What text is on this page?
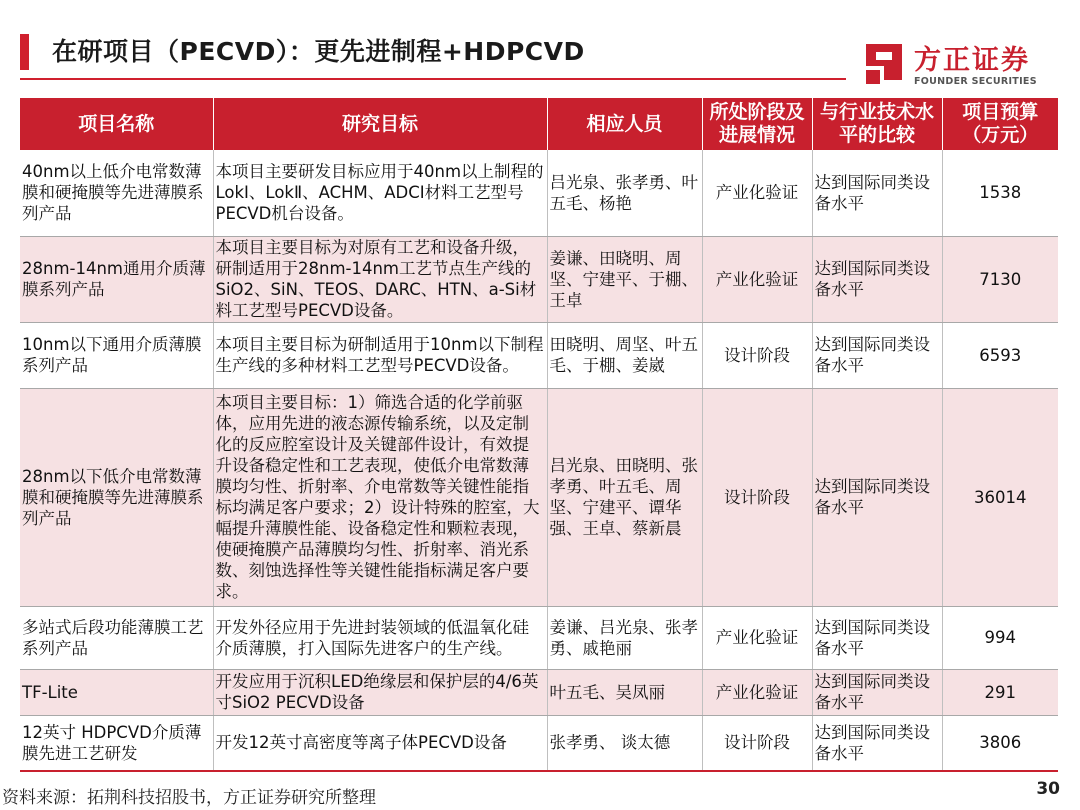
在研项目（PECVD）：更先进制程+HDPCVD	方正证券
FOUNDER SECURITIES
项目名称	研究目标	相应人员	所处阶段及进展情况	与行业技术水平的比较	项目预算（万元）
40nm以上低介电常数薄膜和硬掩膜等先进薄膜系列产品	本项目主要研发目标应用于40nm以上制程的LokⅠ、LokⅡ、ACHM、ADCⅠ材料工艺型号PECVD机台设备。	吕光泉、张孝勇、叶五毛、杨艳	产业化验证	达到国际同类设备水平	1538
28nm-14nm通用介质薄膜系列产品	本项目主要目标为对原有工艺和设备升级，研制适用于28nm-14nm工艺节点生产线的SiO2、SiN、TEOS、DARC、HTN、a-Si材料工艺型号PECVD设备。	姜谦、田晓明、周坚、宁建平、于棚、王卓	产业化验证	达到国际同类设备水平	7130
10nm以下通用介质薄膜系列产品	本项目主要目标为研制适用于10nm以下制程生产线的多种材料工艺型号PECVD设备。	田晓明、周坚、叶五毛、于棚、姜崴	设计阶段	达到国际同类设备水平	6593
28nm以下低介电常数薄膜和硬掩膜等先进薄膜系列产品	本项目主要目标：1）筛选合适的化学前驱体，应用先进的液态源传输系统，以及定制化的反应腔室设计及关键部件设计，有效提升设备稳定性和工艺表现，使低介电常数薄膜均匀性、折射率、介电常数等关键性能指标均满足客户要求；2）设计特殊的腔室，大幅提升薄膜性能、设备稳定性和颗粒表现，使硬掩膜产品薄膜均匀性、折射率、消光系数、刻蚀选择性等关键性能指标满足客户要求。	吕光泉、田晓明、张孝勇、叶五毛、周坚、宁建平、谭华强、王卓、蔡新晨	设计阶段	达到国际同类设备水平	36014
多站式后段功能薄膜工艺系列产品	开发外径应用于先进封装领域的低温氧化硅介质薄膜，打入国际先进客户的生产线。	姜谦、吕光泉、张孝勇、戚艳丽	产业化验证	达到国际同类设备水平	994
TF-Lite	开发应用于沉积LED绝缘层和保护层的4/6英寸SiO2 PECVD设备	叶五毛、吴凤丽	产业化验证	达到国际同类设备水平	291
12英寸 HDPCVD介质薄膜先进工艺研发	开发12英寸高密度等离子体PECVD设备	张孝勇、 谈太德	设计阶段	达到国际同类设备水平	3806
资料来源：拓荆科技招股书，方正证券研究所整理	30
